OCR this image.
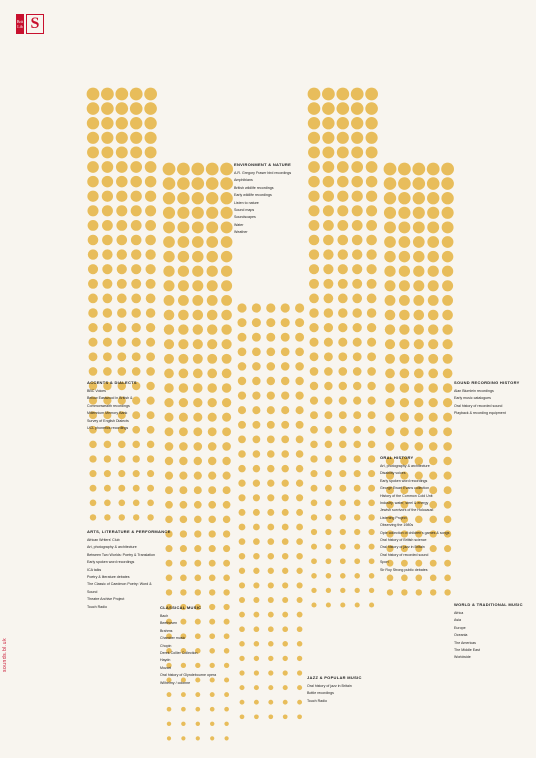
Brit
Lib S
sounds.bl.uk
ENVIRONMENT & NATURE
A.R. Gregory Fraser bird recordings
Amphibians
British wildlife recordings
Early wildlife recordings
Listen to nature
Sound maps
Soundscapes
Water
Weather
ACCENTS & DIALECTS
BBC Voices
Bellow Eastwood in British &
Commonwealth recordings
Millennium Memory Bank
Survey of English Dialects
UCL phonetics recordings
SOUND RECORDING HISTORY
Alan Blumlein recordings
Early music catalogues
Oral history of recorded sound
Playback & recording equipment
ORAL HISTORY
Art, photography & architecture
Disability voices
Early spoken word recordings
George Ewart Evans collection
History of the Common Cold Unit
Industry: water, steel & energy
Jewish survivors of the Holocaust
Listening Project
Observing the 1980s
Opie collection of children's games & songs
Oral history of British science
Oral history of jazz in Britain
Oral history of recorded sound
Sport
Sir Roy Strong public debates
ARTS, LITERATURE & PERFORMANCE
African Writers' Club
Art, photography & architecture
Between Two Worlds: Poetry & Translation
Early spoken word recordings
ICA talks
Poetry & literature debates
The Classic of Caedmon Poetry: Word &
Sound
Theatre Archive Project
Touch Radio	CLASSICAL MUSIC
Bach
Beethoven
Brahms
Chamber music
Chopin
Derek Collier Collection
Haydn
Mozart
Oral history of Glyndebourne opera
Wilhelmy / colonne
WORLD & TRADITIONAL MUSIC
Africa
Asia
Europe
Oceania
The Americas
The Middle East
Worldwide
JAZZ & POPULAR MUSIC
Oral history of jazz in Britain
Bottle recordings
Touch Radio
